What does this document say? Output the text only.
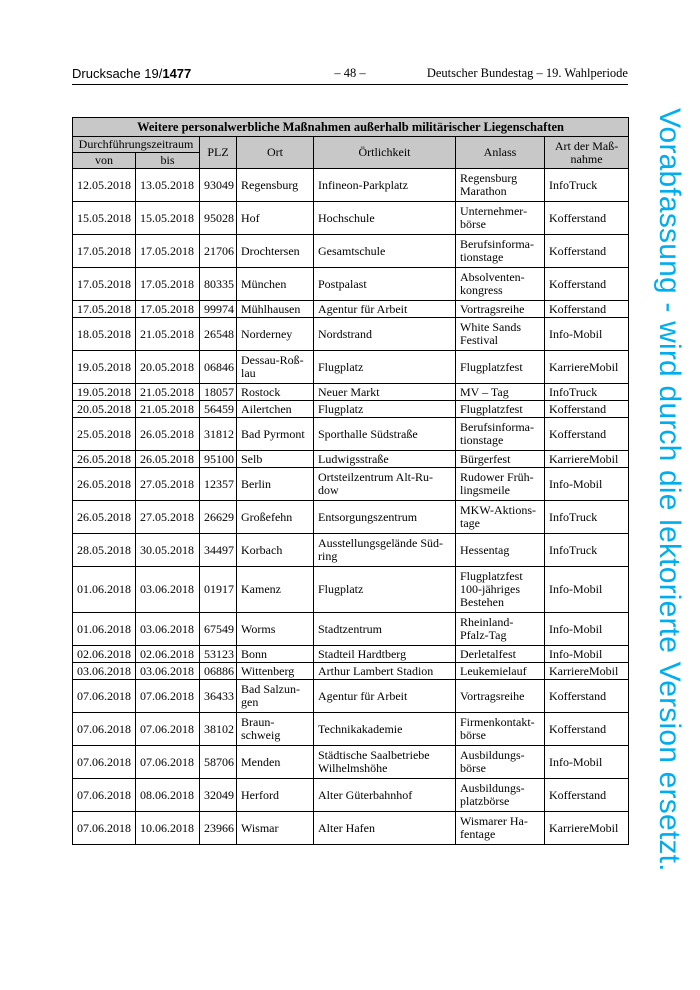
Drucksache 19/1477	– 48 –	Deutscher Bundestag – 19. Wahlperiode
Vorabfassung - wird durch die lektorierte Version ersetzt.
Weitere personalwerbliche Maßnahmen außerhalb militärischer Liegenschaften						
Durchführungszeitraum		PLZ	Ort	Örtlichkeit	Anlass	Art der Maß-nahme
von	bis					
12.05.2018	13.05.2018	93049	Regensburg	Infineon-Parkplatz	Regensburg Marathon	InfoTruck
15.05.2018	15.05.2018	95028	Hof	Hochschule	Unternehmer-börse	Kofferstand
17.05.2018	17.05.2018	21706	Drochtersen	Gesamtschule	Berufsinforma-tionstage	Kofferstand
17.05.2018	17.05.2018	80335	München	Postpalast	Absolventen-kongress	Kofferstand
17.05.2018	17.05.2018	99974	Mühlhausen	Agentur für Arbeit	Vortragsreihe	Kofferstand
18.05.2018	21.05.2018	26548	Norderney	Nordstrand	White Sands Festival	Info-Mobil
19.05.2018	20.05.2018	06846	Dessau-Roß-lau	Flugplatz	Flugplatzfest	KarriereMobil
19.05.2018	21.05.2018	18057	Rostock	Neuer Markt	MV – Tag	InfoTruck
20.05.2018	21.05.2018	56459	Ailertchen	Flugplatz	Flugplatzfest	Kofferstand
25.05.2018	26.05.2018	31812	Bad Pyrmont	Sporthalle Südstraße	Berufsinforma-tionstage	Kofferstand
26.05.2018	26.05.2018	95100	Selb	Ludwigsstraße	Bürgerfest	KarriereMobil
26.05.2018	27.05.2018	12357	Berlin	Ortsteilzentrum Alt-Ru-dow	Rudower Früh-lingsmeile	Info-Mobil
26.05.2018	27.05.2018	26629	Großefehn	Entsorgungszentrum	MKW-Aktions-tage	InfoTruck
28.05.2018	30.05.2018	34497	Korbach	Ausstellungsgelände Süd-ring	Hessentag	InfoTruck
01.06.2018	03.06.2018	01917	Kamenz	Flugplatz	Flugplatzfest 100-jähriges Bestehen	Info-Mobil
01.06.2018	03.06.2018	67549	Worms	Stadtzentrum	Rheinland-Pfalz-Tag	Info-Mobil
02.06.2018	02.06.2018	53123	Bonn	Stadteil Hardtberg	Derletalfest	Info-Mobil
03.06.2018	03.06.2018	06886	Wittenberg	Arthur Lambert Stadion	Leukemielauf	KarriereMobil
07.06.2018	07.06.2018	36433	Bad Salzun-gen	Agentur für Arbeit	Vortragsreihe	Kofferstand
07.06.2018	07.06.2018	38102	Braun-schweig	Technikakademie	Firmenkontakt-börse	Kofferstand
07.06.2018	07.06.2018	58706	Menden	Städtische Saalbetriebe Wilhelmshöhe	Ausbildungs-börse	Info-Mobil
07.06.2018	08.06.2018	32049	Herford	Alter Güterbahnhof	Ausbildungs-platzbörse	Kofferstand
07.06.2018	10.06.2018	23966	Wismar	Alter Hafen	Wismarer Ha-fentage	KarriereMobil
